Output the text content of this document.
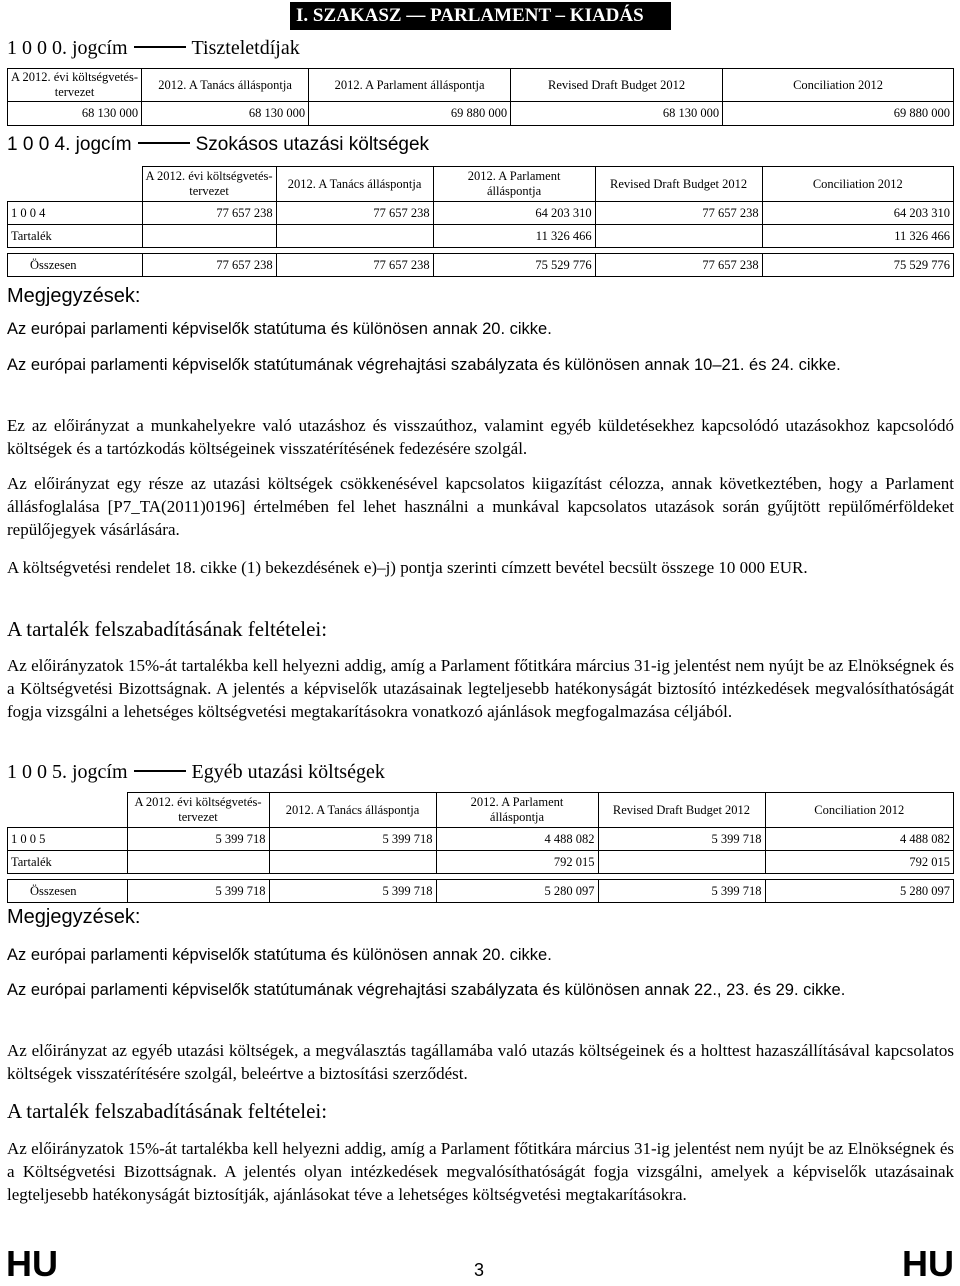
I. SZAKASZ — PARLAMENT – KIADÁS
1 0 0 0. jogcím	Tiszteletdíjak
A 2012. évi költségvetés-
tervezet	2012. A Tanács álláspontja	2012. A Parlament álláspontja	Revised Draft Budget 2012	Conciliation 2012
68 130 000	68 130 000	69 880 000	68 130 000	69 880 000
1 0 0 4. jogcím	Szokásos utazási költségek
	A 2012. évi költségvetés-
tervezet	2012. A Tanács álláspontja	2012. A Parlament
álláspontja	Revised Draft Budget 2012	Conciliation 2012
1 0 0 4	77 657 238	77 657 238	64 203 310	77 657 238	64 203 310
Tartalék			11 326 466		11 326 466

Összesen	77 657 238	77 657 238	75 529 776	77 657 238	75 529 776
Megjegyzések:
Az európai parlamenti képviselők statútuma és különösen annak 20. cikke.
Az európai parlamenti képviselők statútumának végrehajtási szabályzata és különösen annak 10–21. és 24. cikke.
Ez az előirányzat a munkahelyekre való utazáshoz és visszaúthoz, valamint egyéb küldetésekhez kapcsolódó utazásokhoz kapcsolódó költségek és a tartózkodás költségeinek visszatérítésének fedezésére szolgál.
Az előirányzat egy része az utazási költségek csökkenésével kapcsolatos kiigazítást célozza, annak következtében, hogy a Parlament állásfoglalása [P7_TA(2011)0196] értelmében fel lehet használni a munkával kapcsolatos utazások során gyűjtött repülőmérföldeket repülőjegyek vásárlására.
A költségvetési rendelet 18. cikke (1) bekezdésének e)–j) pontja szerinti címzett bevétel becsült összege 10 000 EUR.
A tartalék felszabadításának feltételei:
Az előirányzatok 15%-át tartalékba kell helyezni addig, amíg a Parlament főtitkára március 31-ig jelentést nem nyújt be az Elnökségnek és a Költségvetési Bizottságnak. A jelentés a képviselők utazásainak legteljesebb hatékonyságát biztosító intézkedések megvalósíthatóságát fogja vizsgálni a lehetséges költségvetési megtakarításokra vonatkozó ajánlások megfogalmazása céljából.
1 0 0 5. jogcím	Egyéb utazási költségek
	A 2012. évi költségvetés-
tervezet	2012. A Tanács álláspontja	2012. A Parlament
álláspontja	Revised Draft Budget 2012	Conciliation 2012
1 0 0 5	5 399 718	5 399 718	4 488 082	5 399 718	4 488 082
Tartalék			792 015		792 015

Összesen	5 399 718	5 399 718	5 280 097	5 399 718	5 280 097
Megjegyzések:
Az európai parlamenti képviselők statútuma és különösen annak 20. cikke.
Az európai parlamenti képviselők statútumának végrehajtási szabályzata és különösen annak 22., 23. és 29. cikke.
Az előirányzat az egyéb utazási költségek, a megválasztás tagállamába való utazás költségeinek és a holttest hazaszállításával kapcsolatos költségek visszatérítésére szolgál, beleértve a biztosítási szerződést.
A tartalék felszabadításának feltételei:
Az előirányzatok 15%-át tartalékba kell helyezni addig, amíg a Parlament főtitkára március 31-ig jelentést nem nyújt be az Elnökségnek és a Költségvetési Bizottságnak. A jelentés olyan intézkedések megvalósíthatóságát fogja vizsgálni, amelyek a képviselők utazásainak legteljesebb hatékonyságát biztosítják, ajánlásokat téve a lehetséges költségvetési megtakarításokra.
HU	3	HU
